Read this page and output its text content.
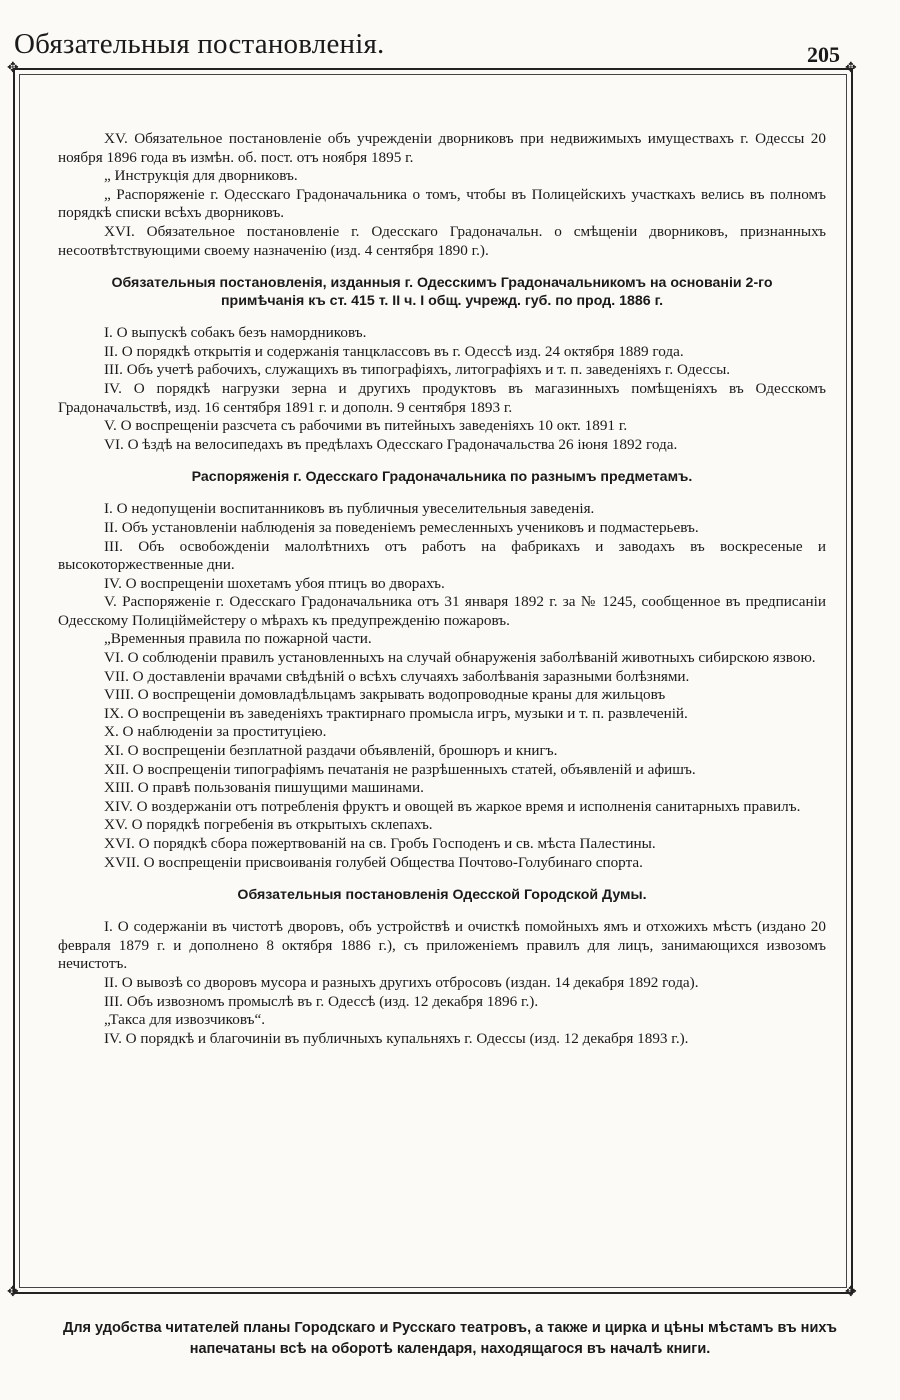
Обязательныя постановленія.	205
✥	✥
✥	✥

XV. Обязательное постановленіе объ учрежденіи дворниковъ при недвижимыхъ имуществахъ г. Одессы 20 ноября 1896 года въ измѣн. об. пост. отъ ноября 1895 г.

„ Инструкція для дворниковъ.

„ Распоряженіе г. Одесскаго Градоначальника о томъ, чтобы въ Полицейскихъ участкахъ велись въ полномъ порядкѣ списки всѣхъ дворниковъ.

XVI. Обязательное постановленіе г. Одесскаго Градоначальн. о смѣщеніи дворниковъ, признанныхъ несоотвѣтствующими своему назначенію (изд. 4 сентября 1890 г.).

Обязательныя постановленія, изданныя г. Одесскимъ Градоначальникомъ на основаніи 2-го примѣчанія къ ст. 415 т. II ч. I общ. учрежд. губ. по прод. 1886 г.

I. О выпускѣ собакъ безъ намордниковъ.

II. О порядкѣ открытія и содержанія танцклассовъ въ г. Одессѣ изд. 24 октября 1889 года.

III. Объ учетѣ рабочихъ, служащихъ въ типографіяхъ, литографіяхъ и т. п. заведеніяхъ г. Одессы.

IV. О порядкѣ нагрузки зерна и другихъ продуктовъ въ магазинныхъ помѣщеніяхъ въ Одесскомъ Градоначальствѣ, изд. 16 сентября 1891 г. и дополн. 9 сентября 1893 г.

V. О воспрещеніи разсчета съ рабочими въ питейныхъ заведеніяхъ 10 окт. 1891 г.

VI. О ѣздѣ на велосипедахъ въ предѣлахъ Одесскаго Градоначальства 26 іюня 1892 года.

Распоряженія г. Одесскаго Градоначальника по разнымъ предметамъ.

I. О недопущеніи воспитанниковъ въ публичныя увеселительныя заведенія.

II. Объ установленіи наблюденія за поведеніемъ ремесленныхъ учениковъ и подмастерьевъ.

III. Объ освобожденіи малолѣтнихъ отъ работъ на фабрикахъ и заводахъ въ воскресеные и высокоторжественные дни.

IV. О воспрещеніи шохетамъ убоя птицъ во дворахъ.

V. Распоряженіе г. Одесскаго Градоначальника отъ 31 января 1892 г. за № 1245, сообщенное въ предписаніи Одесскому Полиціймейстеру о мѣрахъ къ предупрежденію пожаровъ.

„Временныя правила по пожарной части.

VI. О соблюденіи правилъ установленныхъ на случай обнаруженія заболѣваній животныхъ сибирскою язвою.

VII. О доставленіи врачами свѣдѣній о всѣхъ случаяхъ заболѣванія заразными болѣзнями.

VIII. О воспрещеніи домовладѣльцамъ закрывать водопроводные краны для жильцовъ

IX. О воспрещеніи въ заведеніяхъ трактирнаго промысла игръ, музыки и т. п. развлеченій.

X. О наблюденіи за проституціею.

XI. О воспрещеніи безплатной раздачи объявленій, брошюръ и книгъ.

XII. О воспрещеніи типографіямъ печатанія не разрѣшенныхъ статей, объявленій и афишъ.

XIII. О правѣ пользованія пишущими машинами.

XIV. О воздержаніи отъ потребленія фруктъ и овощей въ жаркое время и исполненія санитарныхъ правилъ.

XV. О порядкѣ погребенія въ открытыхъ склепахъ.

XVI. О порядкѣ сбора пожертвованій на св. Гробъ Господенъ и св. мѣста Палестины.

XVII. О воспрещеніи присвоиванія голубей Общества Почтово-Голубинаго спорта.

Обязательныя постановленія Одесской Городской Думы.

I. О содержаніи въ чистотѣ дворовъ, объ устройствѣ и очисткѣ помойныхъ ямъ и отхожихъ мѣстъ (издано 20 февраля 1879 г. и дополнено 8 октября 1886 г.), съ приложеніемъ правилъ для лицъ, занимающихся извозомъ нечистотъ.

II. О вывозѣ со дворовъ мусора и разныхъ другихъ отбросовъ (издан. 14 декабря 1892 года).

III. Объ извозномъ промыслѣ въ г. Одессѣ (изд. 12 декабря 1896 г.).

„Такса для извозчиковъ“.

IV. О порядкѣ и благочиніи въ публичныхъ купальняхъ г. Одессы (изд. 12 декабря 1893 г.).

Для удобства читателей планы Городскаго и Русскаго театровъ, а также и цирка и цѣны мѣстамъ въ нихъ напечатаны всѣ на оборотѣ календаря, находящагося въ началѣ книги.
